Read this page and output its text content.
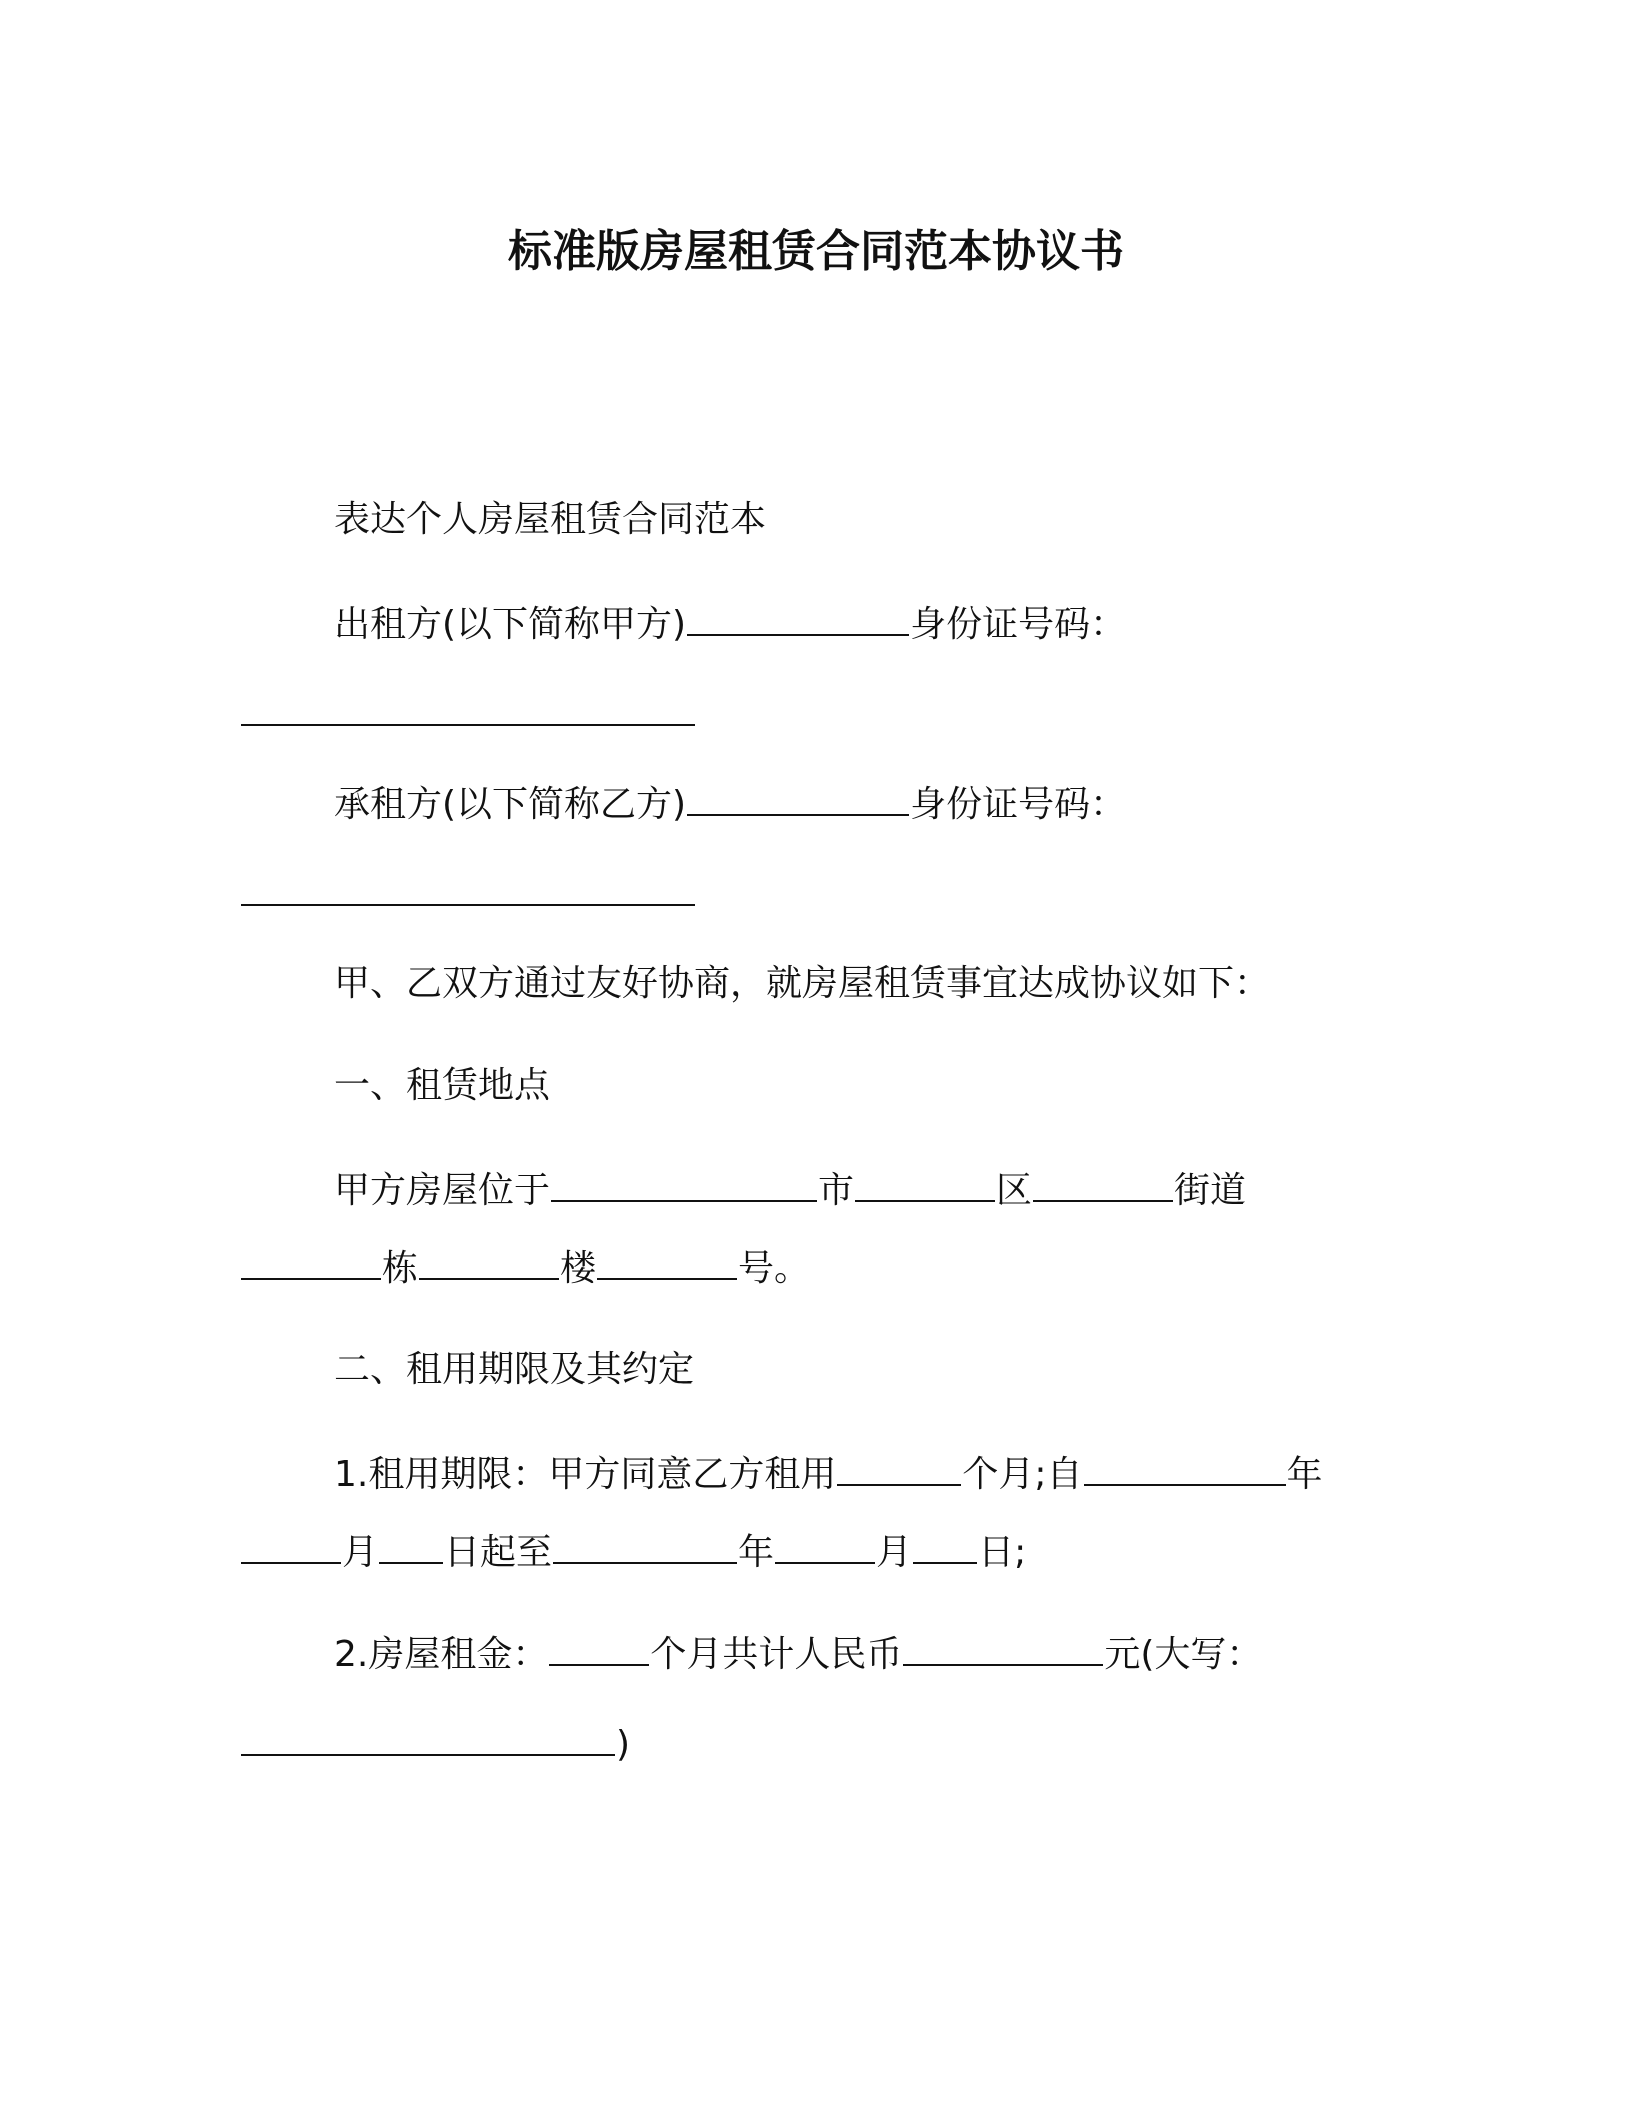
标准版房屋租赁合同范本协议书
表达个人房屋租赁合同范本
出租方(以下简称甲方)	身份证号码：
承租方(以下简称乙方)	身份证号码：
甲、乙双方通过友好协商，就房屋租赁事宜达成协议如下：
一、租赁地点
甲方房屋位于	市	区	街道
栋	楼	号。
二、租用期限及其约定
1.租用期限：甲方同意乙方租用	个月;自	年
月 日起至	年	月 日;
2.房屋租金：	个月共计人民币	元(大写：
)
